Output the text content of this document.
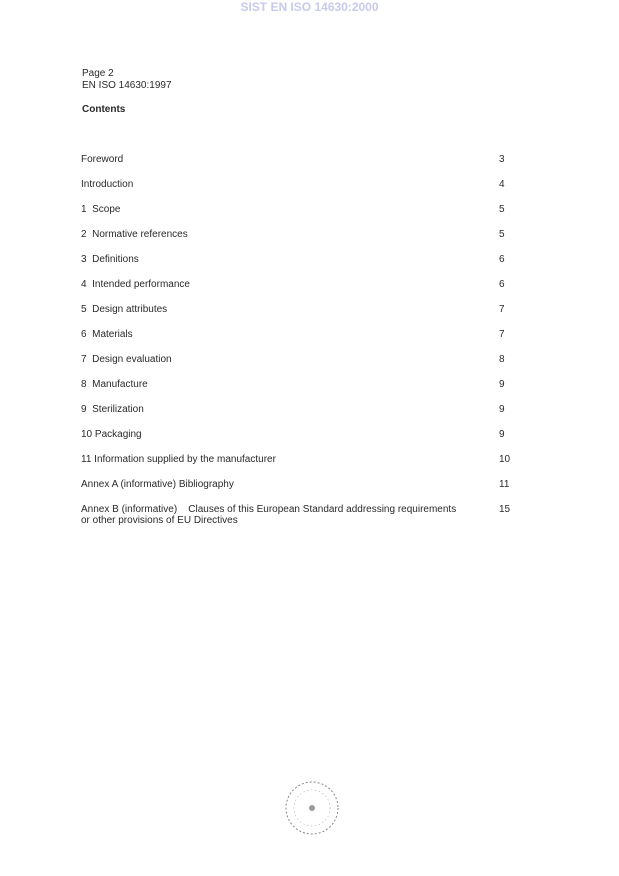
SIST EN ISO 14630:2000
Page 2
EN ISO 14630:1997
Contents
Foreword	3
Introduction	4
1  Scope	5
2  Normative references	5
3  Definitions	6
4  Intended performance	6
5  Design attributes	7
6  Materials	7
7  Design evaluation	8
8  Manufacture	9
9  Sterilization	9
10 Packaging	9
11 Information supplied by the manufacturer	10
Annex A (informative) Bibliography	11
Annex B (informative)    Clauses of this European Standard addressing requirements	15
or other provisions of EU Directives
